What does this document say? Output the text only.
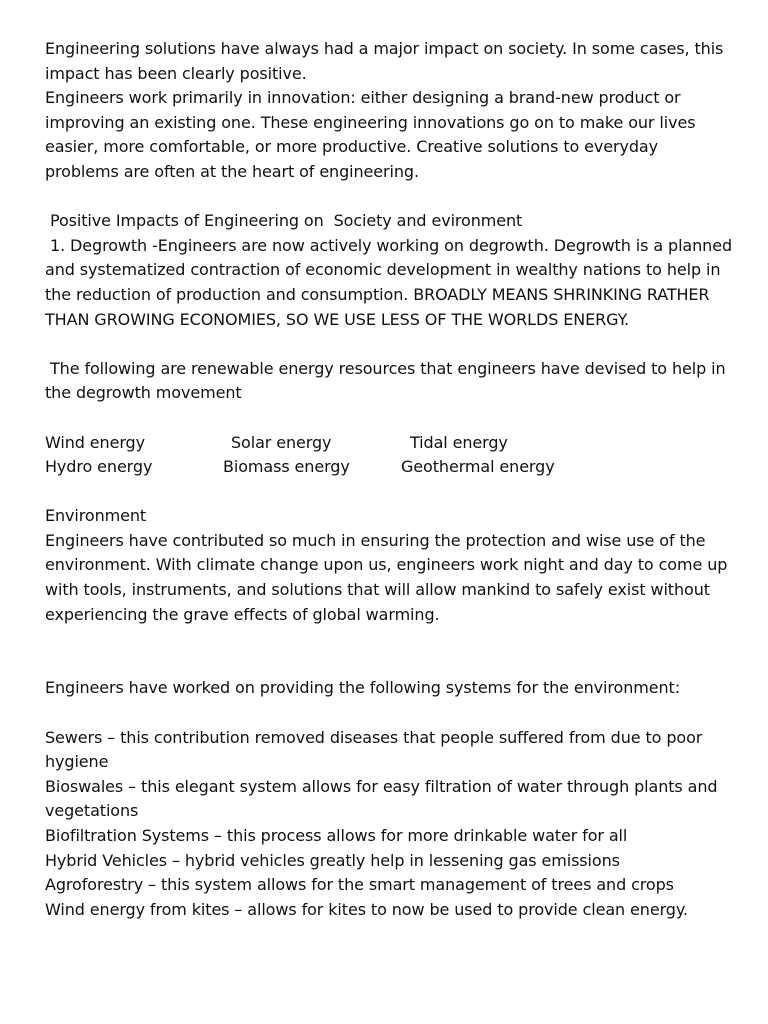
Engineering solutions have always had a major impact on society. In some cases, this impact has been clearly positive.

Engineers work primarily in innovation: either designing a brand-new product or improving an existing one. These engineering innovations go on to make our lives easier, more comfortable, or more productive. Creative solutions to everyday problems are often at the heart of engineering.

Positive Impacts of Engineering on  Society and evironment

1. Degrowth -Engineers are now actively working on degrowth. Degrowth is a planned and systematized contraction of economic development in wealthy nations to help in the reduction of production and consumption. BROADLY MEANS SHRINKING RATHER THAN GROWING ECONOMIES, SO WE USE LESS OF THE WORLDS ENERGY.

The following are renewable energy resources that engineers have devised to help in the degrowth movement

Wind energy	Solar energy	Tidal energy
Hydro energy	Biomass energy	Geothermal energy

Environment

Engineers have contributed so much in ensuring the protection and wise use of the environment. With climate change upon us, engineers work night and day to come up with tools, instruments, and solutions that will allow mankind to safely exist without experiencing the grave effects of global warming.

Engineers have worked on providing the following systems for the environment:

Sewers – this contribution removed diseases that people suffered from due to poor hygiene

Bioswales – this elegant system allows for easy filtration of water through plants and vegetations

Biofiltration Systems – this process allows for more drinkable water for all

Hybrid Vehicles – hybrid vehicles greatly help in lessening gas emissions

Agroforestry – this system allows for the smart management of trees and crops

Wind energy from kites – allows for kites to now be used to provide clean energy.
